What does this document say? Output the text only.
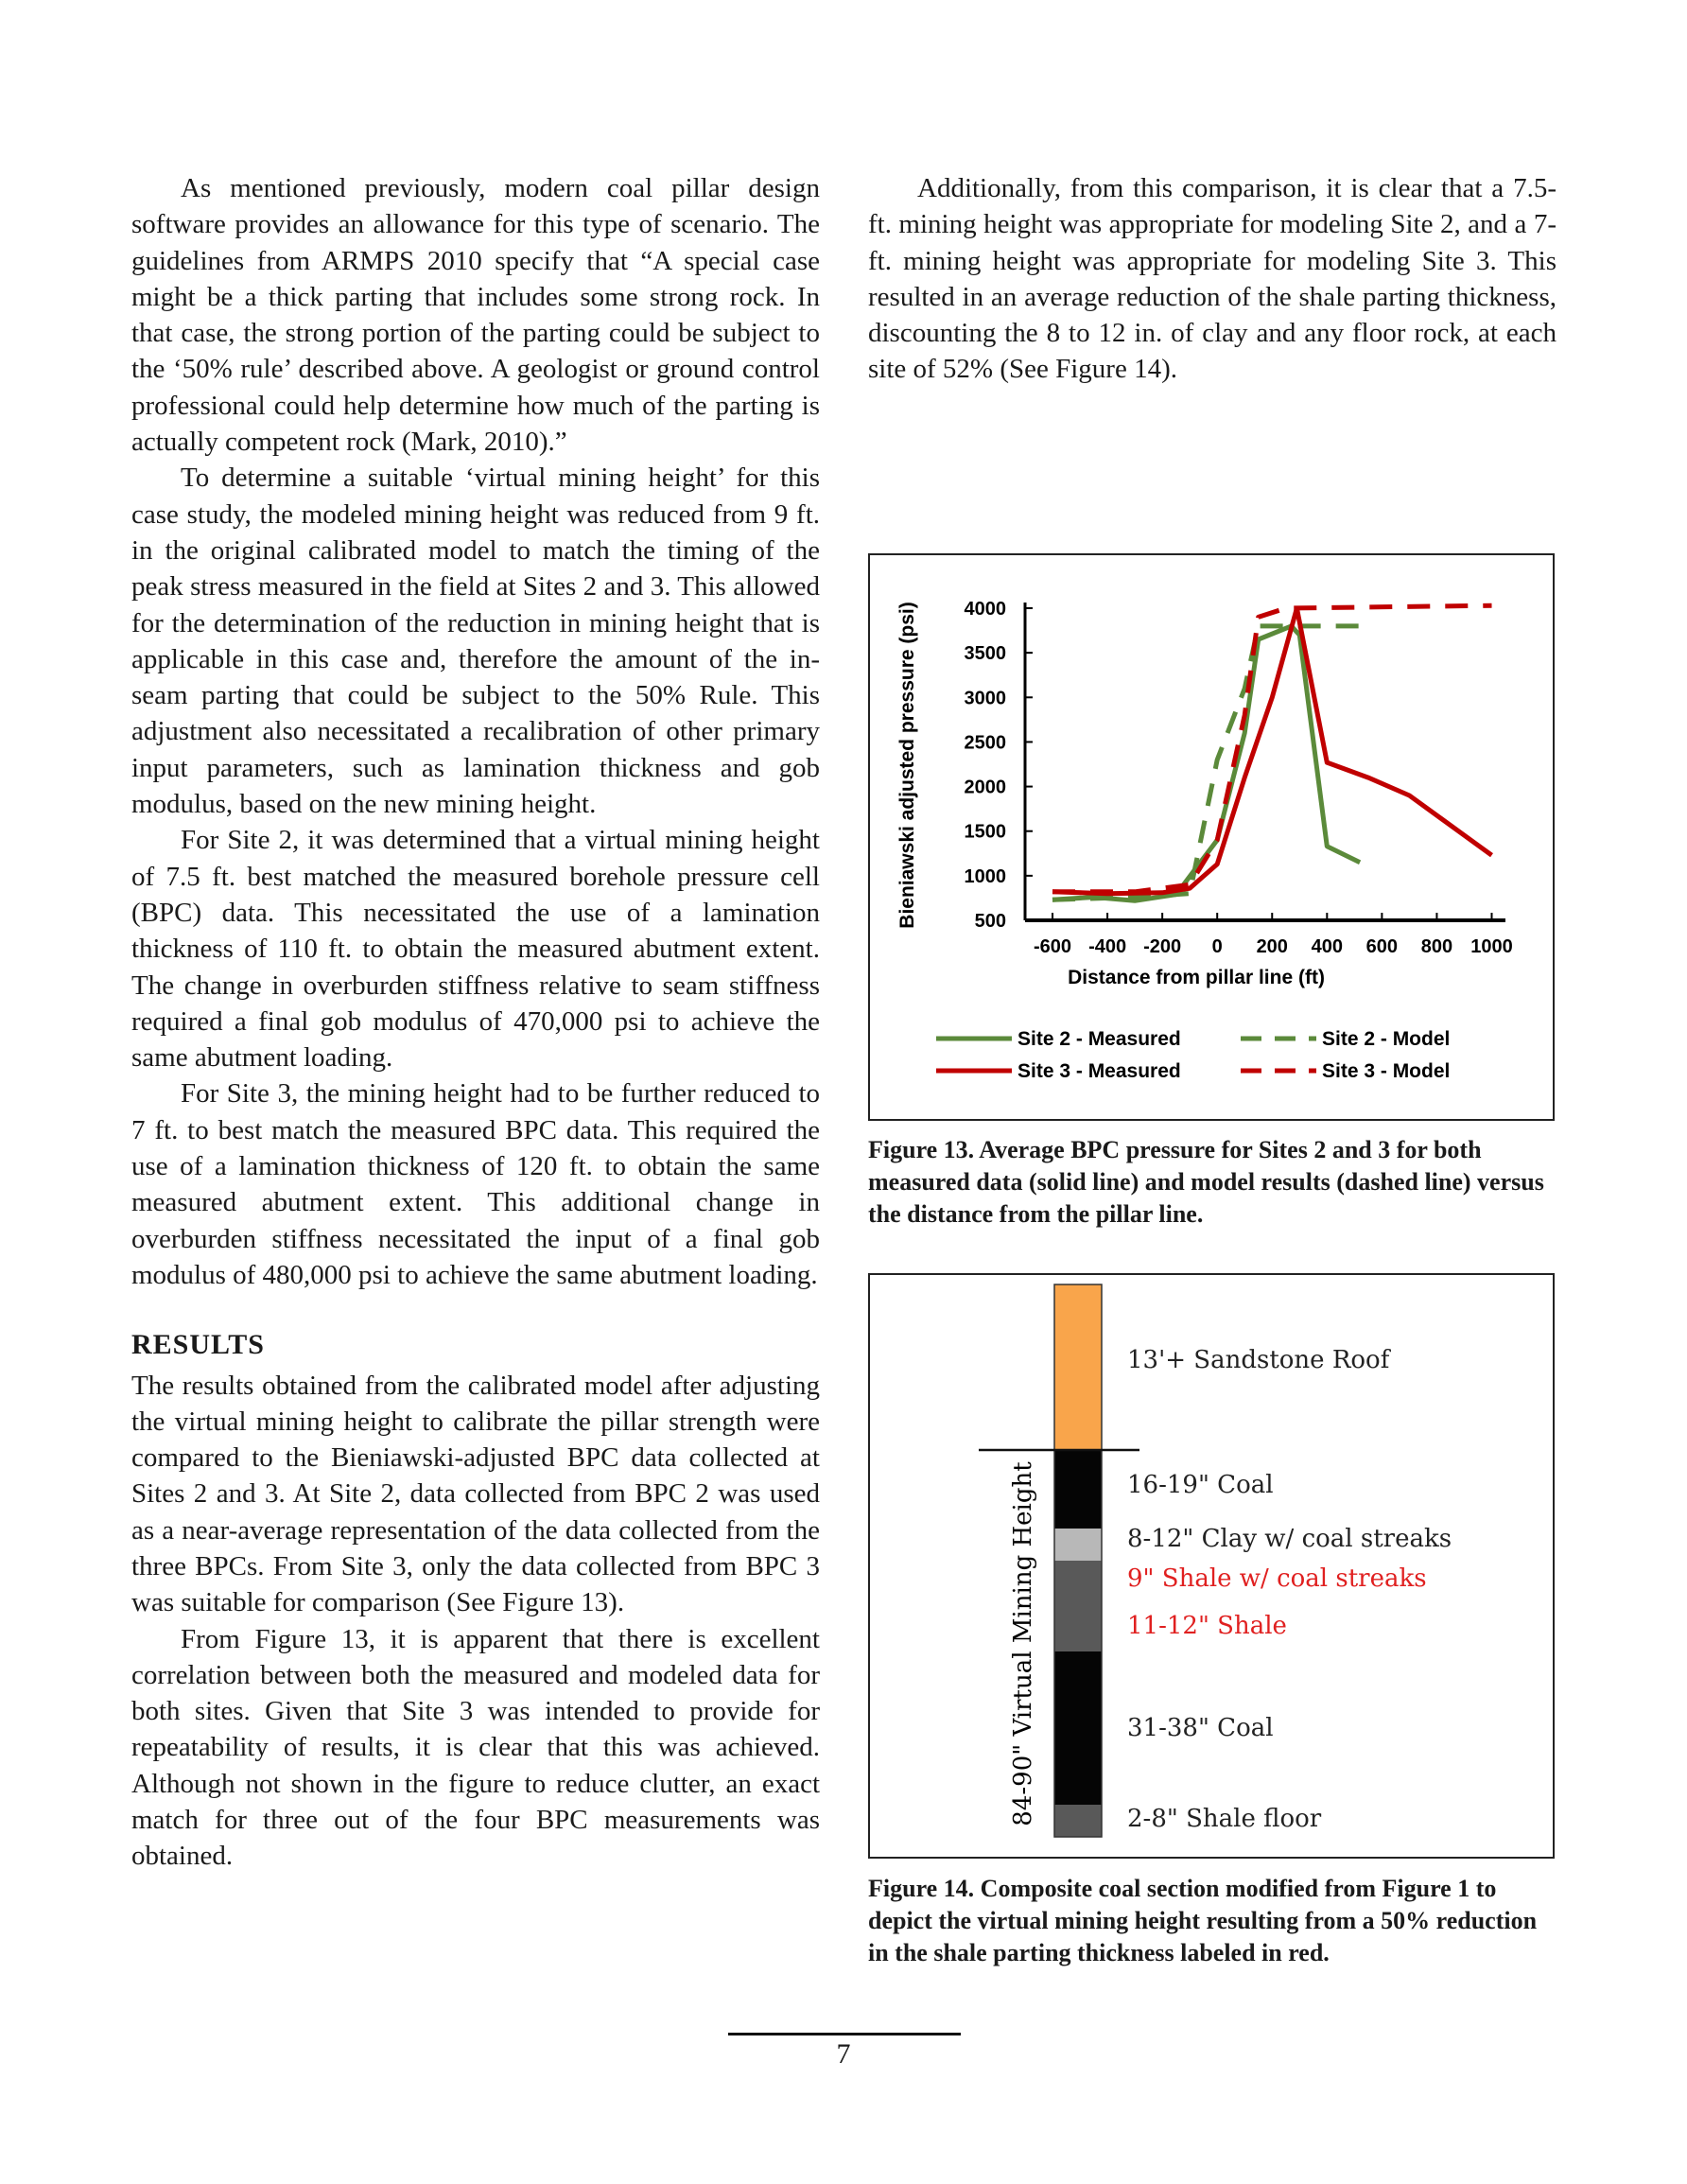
As mentioned previously, modern coal pillar design software provides an allowance for this type of scenario. The guidelines from ARMPS 2010 specify that “A special case might be a thick parting that includes some strong rock. In that case, the strong portion of the parting could be subject to the ‘50% rule’ described above. A geologist or ground control professional could help determine how much of the parting is actually competent rock (Mark, 2010).”

To determine a suitable ‘virtual mining height’ for this case study, the modeled mining height was reduced from 9 ft. in the original calibrated model to match the timing of the peak stress measured in the field at Sites 2 and 3. This allowed for the determination of the reduction in mining height that is applicable in this case and, therefore the amount of the in-seam parting that could be subject to the 50% Rule. This adjustment also necessitated a recalibration of other primary input parameters, such as lamination thickness and gob modulus, based on the new mining height.

For Site 2, it was determined that a virtual mining height of 7.5 ft. best matched the measured borehole pressure cell (BPC) data. This necessitated the use of a lamination thickness of 110 ft. to obtain the measured abutment extent. The change in overburden stiffness relative to seam stiffness required a final gob modulus of 470,000 psi to achieve the same abutment loading.

For Site 3, the mining height had to be further reduced to 7 ft. to best match the measured BPC data. This required the use of a lamination thickness of 120 ft. to obtain the same measured abutment extent. This additional change in overburden stiffness necessitated the input of a final gob modulus of 480,000 psi to achieve the same abutment loading.

RESULTS

The results obtained from the calibrated model after adjusting the virtual mining height to calibrate the pillar strength were compared to the Bieniawski-adjusted BPC data collected at Sites 2 and 3. At Site 2, data collected from BPC 2 was used as a near-average representation of the data collected from the three BPCs. From Site 3, only the data collected from BPC 3 was suitable for comparison (See Figure 13).

From Figure 13, it is apparent that there is excellent correlation between both the measured and modeled data for both sites. Given that Site 3 was intended to provide for repeatability of results, it is clear that this was achieved. Although not shown in the figure to reduce clutter, an exact match for three out of the four BPC measurements was obtained.

Additionally, from this comparison, it is clear that a 7.5-ft. mining height was appropriate for modeling Site 2, and a 7-ft. mining height was appropriate for modeling Site 3. This resulted in an average reduction of the shale parting thickness, discounting the 8 to 12 in. of clay and any floor rock, at each site of 52% (See Figure 14).

500
1000
1500
2000
2500
3000
3500
4000
-600 -400 -200 0 200 400 600 800 1000
Distance from pillar line (ft)
Bieniawski adjusted pressure (psi)
Site 2 - Measured	Site 2 - Model
Site 3 - Measured	Site 3 - Model
Figure 13. Average BPC pressure for Sites 2 and 3 for both measured data (solid line) and model results (dashed line) versus the distance from the pillar line.
13'+ Sandstone Roof
16-19" Coal
8-12" Clay w/ coal streaks
9" Shale w/ coal streaks
11-12" Shale
31-38" Coal
2-8" Shale floor
84-90" Virtual Mining Height
Figure 14. Composite coal section modified from Figure 1 to depict the virtual mining height resulting from a 50% reduction in the shale parting thickness labeled in red.
7
